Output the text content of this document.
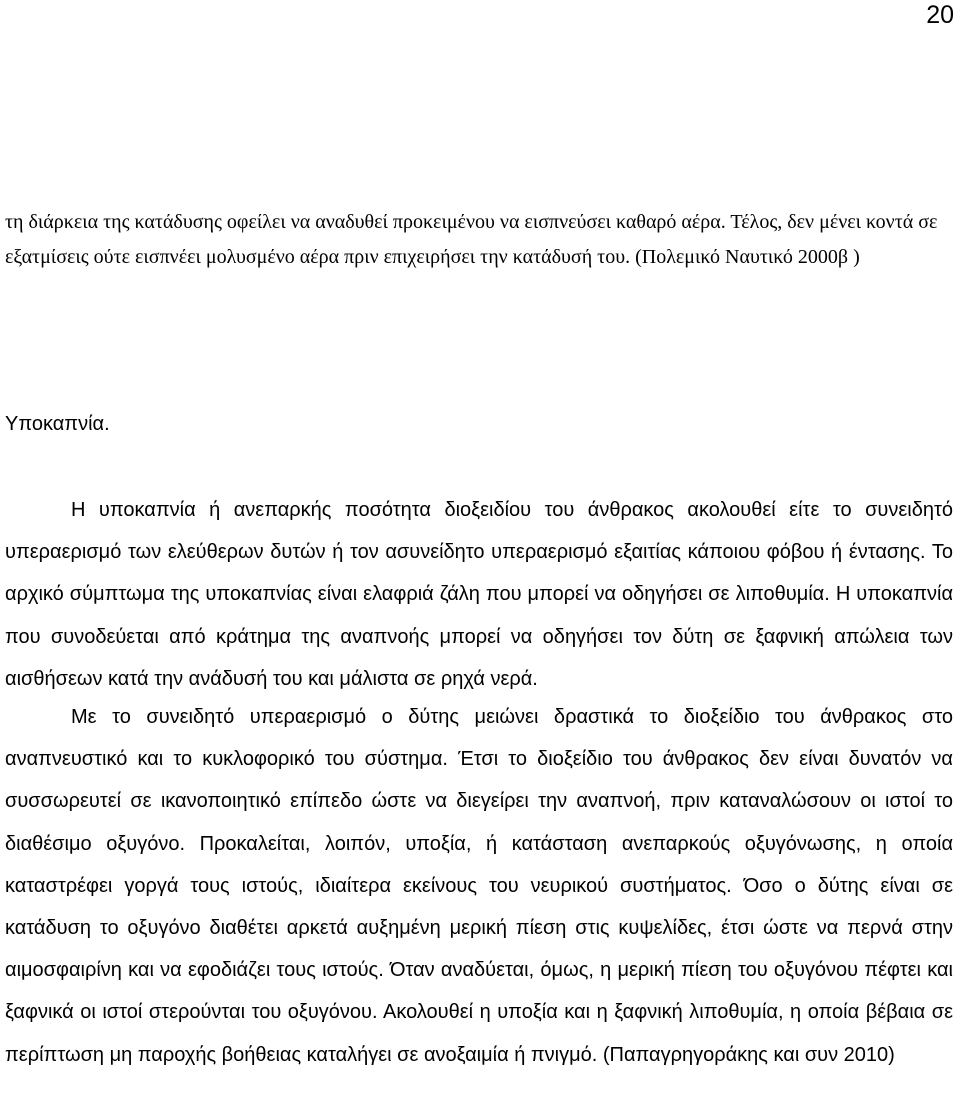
20

τη διάρκεια της κατάδυσης οφείλει να αναδυθεί προκειμένου να εισπνεύσει καθαρό αέρα. Τέλος, δεν μένει κοντά σε εξατμίσεις ούτε εισπνέει μολυσμένο αέρα πριν επιχειρήσει την κατάδυσή του. (Πολεμικό Ναυτικό 2000β )

Υποκαπνία.

Η υποκαπνία ή ανεπαρκής ποσότητα διοξειδίου του άνθρακος ακολουθεί είτε το συνειδητό υπεραερισμό των ελεύθερων δυτών ή τον ασυνείδητο υπεραερισμό εξαιτίας κάποιου φόβου ή έντασης. Το αρχικό σύμπτωμα της υποκαπνίας είναι ελαφριά ζάλη που μπορεί να οδηγήσει σε λιποθυμία. Η υποκαπνία που συνοδεύεται από κράτημα της αναπνοής μπορεί να οδηγήσει τον δύτη σε ξαφνική απώλεια των αισθήσεων κατά την ανάδυσή του και μάλιστα σε ρηχά νερά.

Με το συνειδητό υπεραερισμό ο δύτης μειώνει δραστικά το διοξείδιο του άνθρακος στο αναπνευστικό και το κυκλοφορικό του σύστημα. Έτσι το διοξείδιο του άνθρακος δεν είναι δυνατόν να συσσωρευτεί σε ικανοποιητικό επίπεδο ώστε να διεγείρει την αναπνοή, πριν καταναλώσουν οι ιστοί το διαθέσιμο οξυγόνο. Προκαλείται, λοιπόν, υποξία, ή κατάσταση ανεπαρκούς οξυγόνωσης, η οποία καταστρέφει γοργά τους ιστούς, ιδιαίτερα εκείνους του νευρικού συστήματος. Όσο ο δύτης είναι σε κατάδυση το οξυγόνο διαθέτει αρκετά αυξημένη μερική πίεση στις κυψελίδες, έτσι ώστε να περνά στην αιμοσφαιρίνη και να εφοδιάζει τους ιστούς. Όταν αναδύεται, όμως, η μερική πίεση του οξυγόνου πέφτει και ξαφνικά οι ιστοί στερούνται του οξυγόνου. Ακολουθεί η υποξία και η ξαφνική λιποθυμία, η οποία βέβαια σε περίπτωση μη παροχής βοήθειας καταλήγει σε ανοξαιμία ή πνιγμό. (Παπαγρηγοράκης και συν 2010)
